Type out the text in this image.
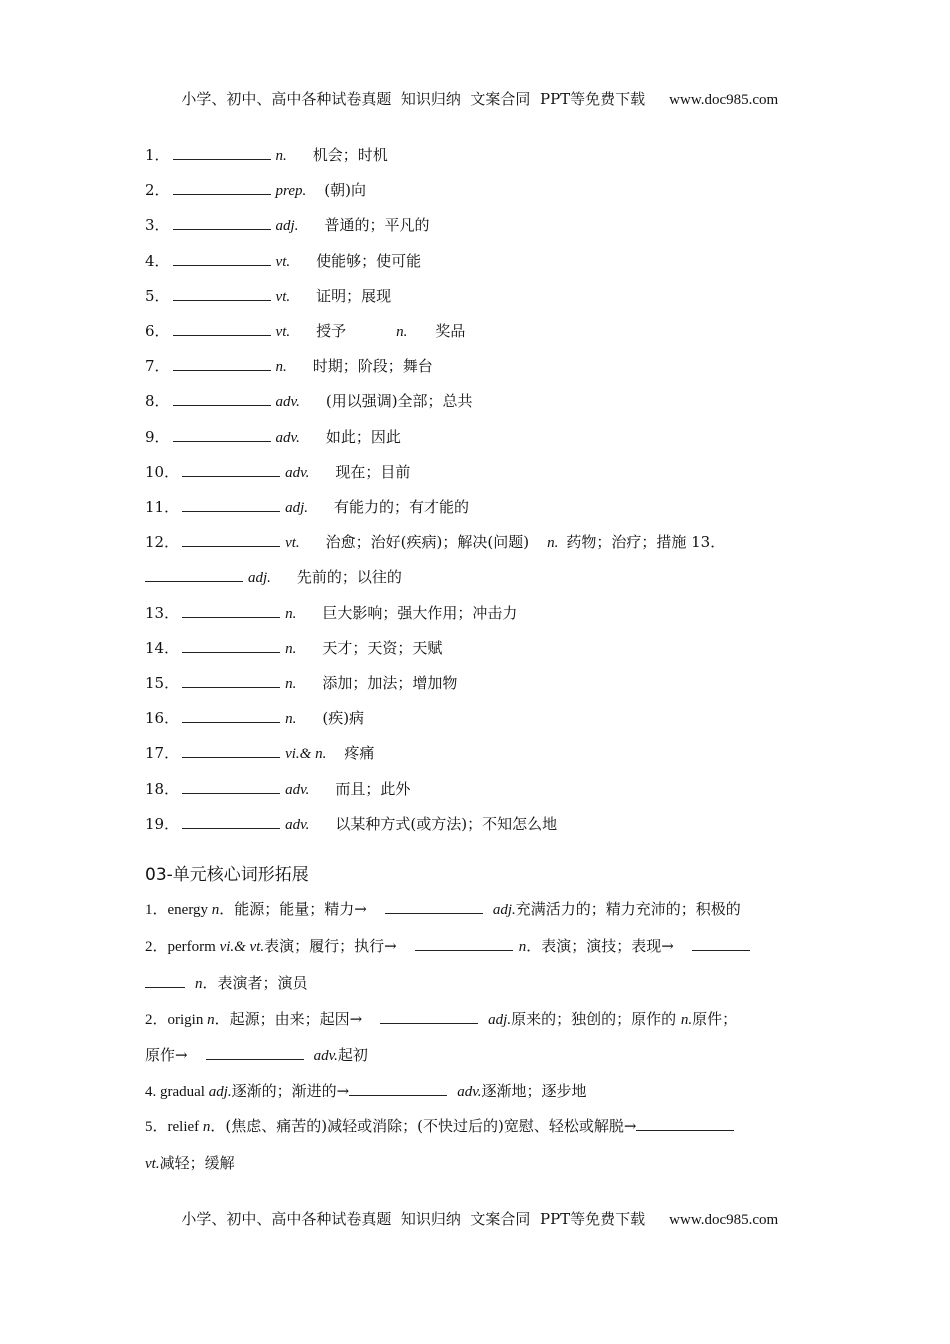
小学、初中、高中各种试卷真题  知识归纳  文案合同  PPT等免费下载 www.doc985.com

1．	n. 机会；时机
2．	prep. (朝)向
3．	adj. 普通的；平凡的
4．	vt. 使能够；使可能
5．	vt. 证明；展现
6．	vt. 授予	n. 奖品
7．	n. 时期；阶段；舞台
8．	adv. (用以强调)全部；总共
9．	adv. 如此；因此
10．	adv. 现在；目前
11．	adj. 有能力的；有才能的
12．	vt. 治愈；治好(疾病)；解决(问题) n. 药物；治疗；措施 13．
adj. 先前的；以往的
13．	n. 巨大影响；强大作用；冲击力
14．	n. 天才；天资；天赋
15．	n. 添加；加法；增加物
16．	n. (疾)病
17．	vi.& n. 疼痛
18．	adv. 而且；此外
19．	adv. 以某种方式(或方法)；不知怎么地
03-单元核心词形拓展
1．energy n．能源；能量；精力→	adj.充满活力的；精力充沛的；积极的
2．perform vi.& vt.表演；履行；执行→	n．表演；演技；表现→
n．表演者；演员
2．origin n．起源；由来；起因→	adj.原来的；独创的；原作的 n.原件；
原作→	adv.起初
4. gradual adj.逐渐的；渐进的→	adv.逐渐地；逐步地
5．relief n．(焦虑、痛苦的)减轻或消除；(不快过后的)宽慰、轻松或解脱→
vt.减轻；缓解

小学、初中、高中各种试卷真题  知识归纳  文案合同  PPT等免费下载 www.doc985.com
